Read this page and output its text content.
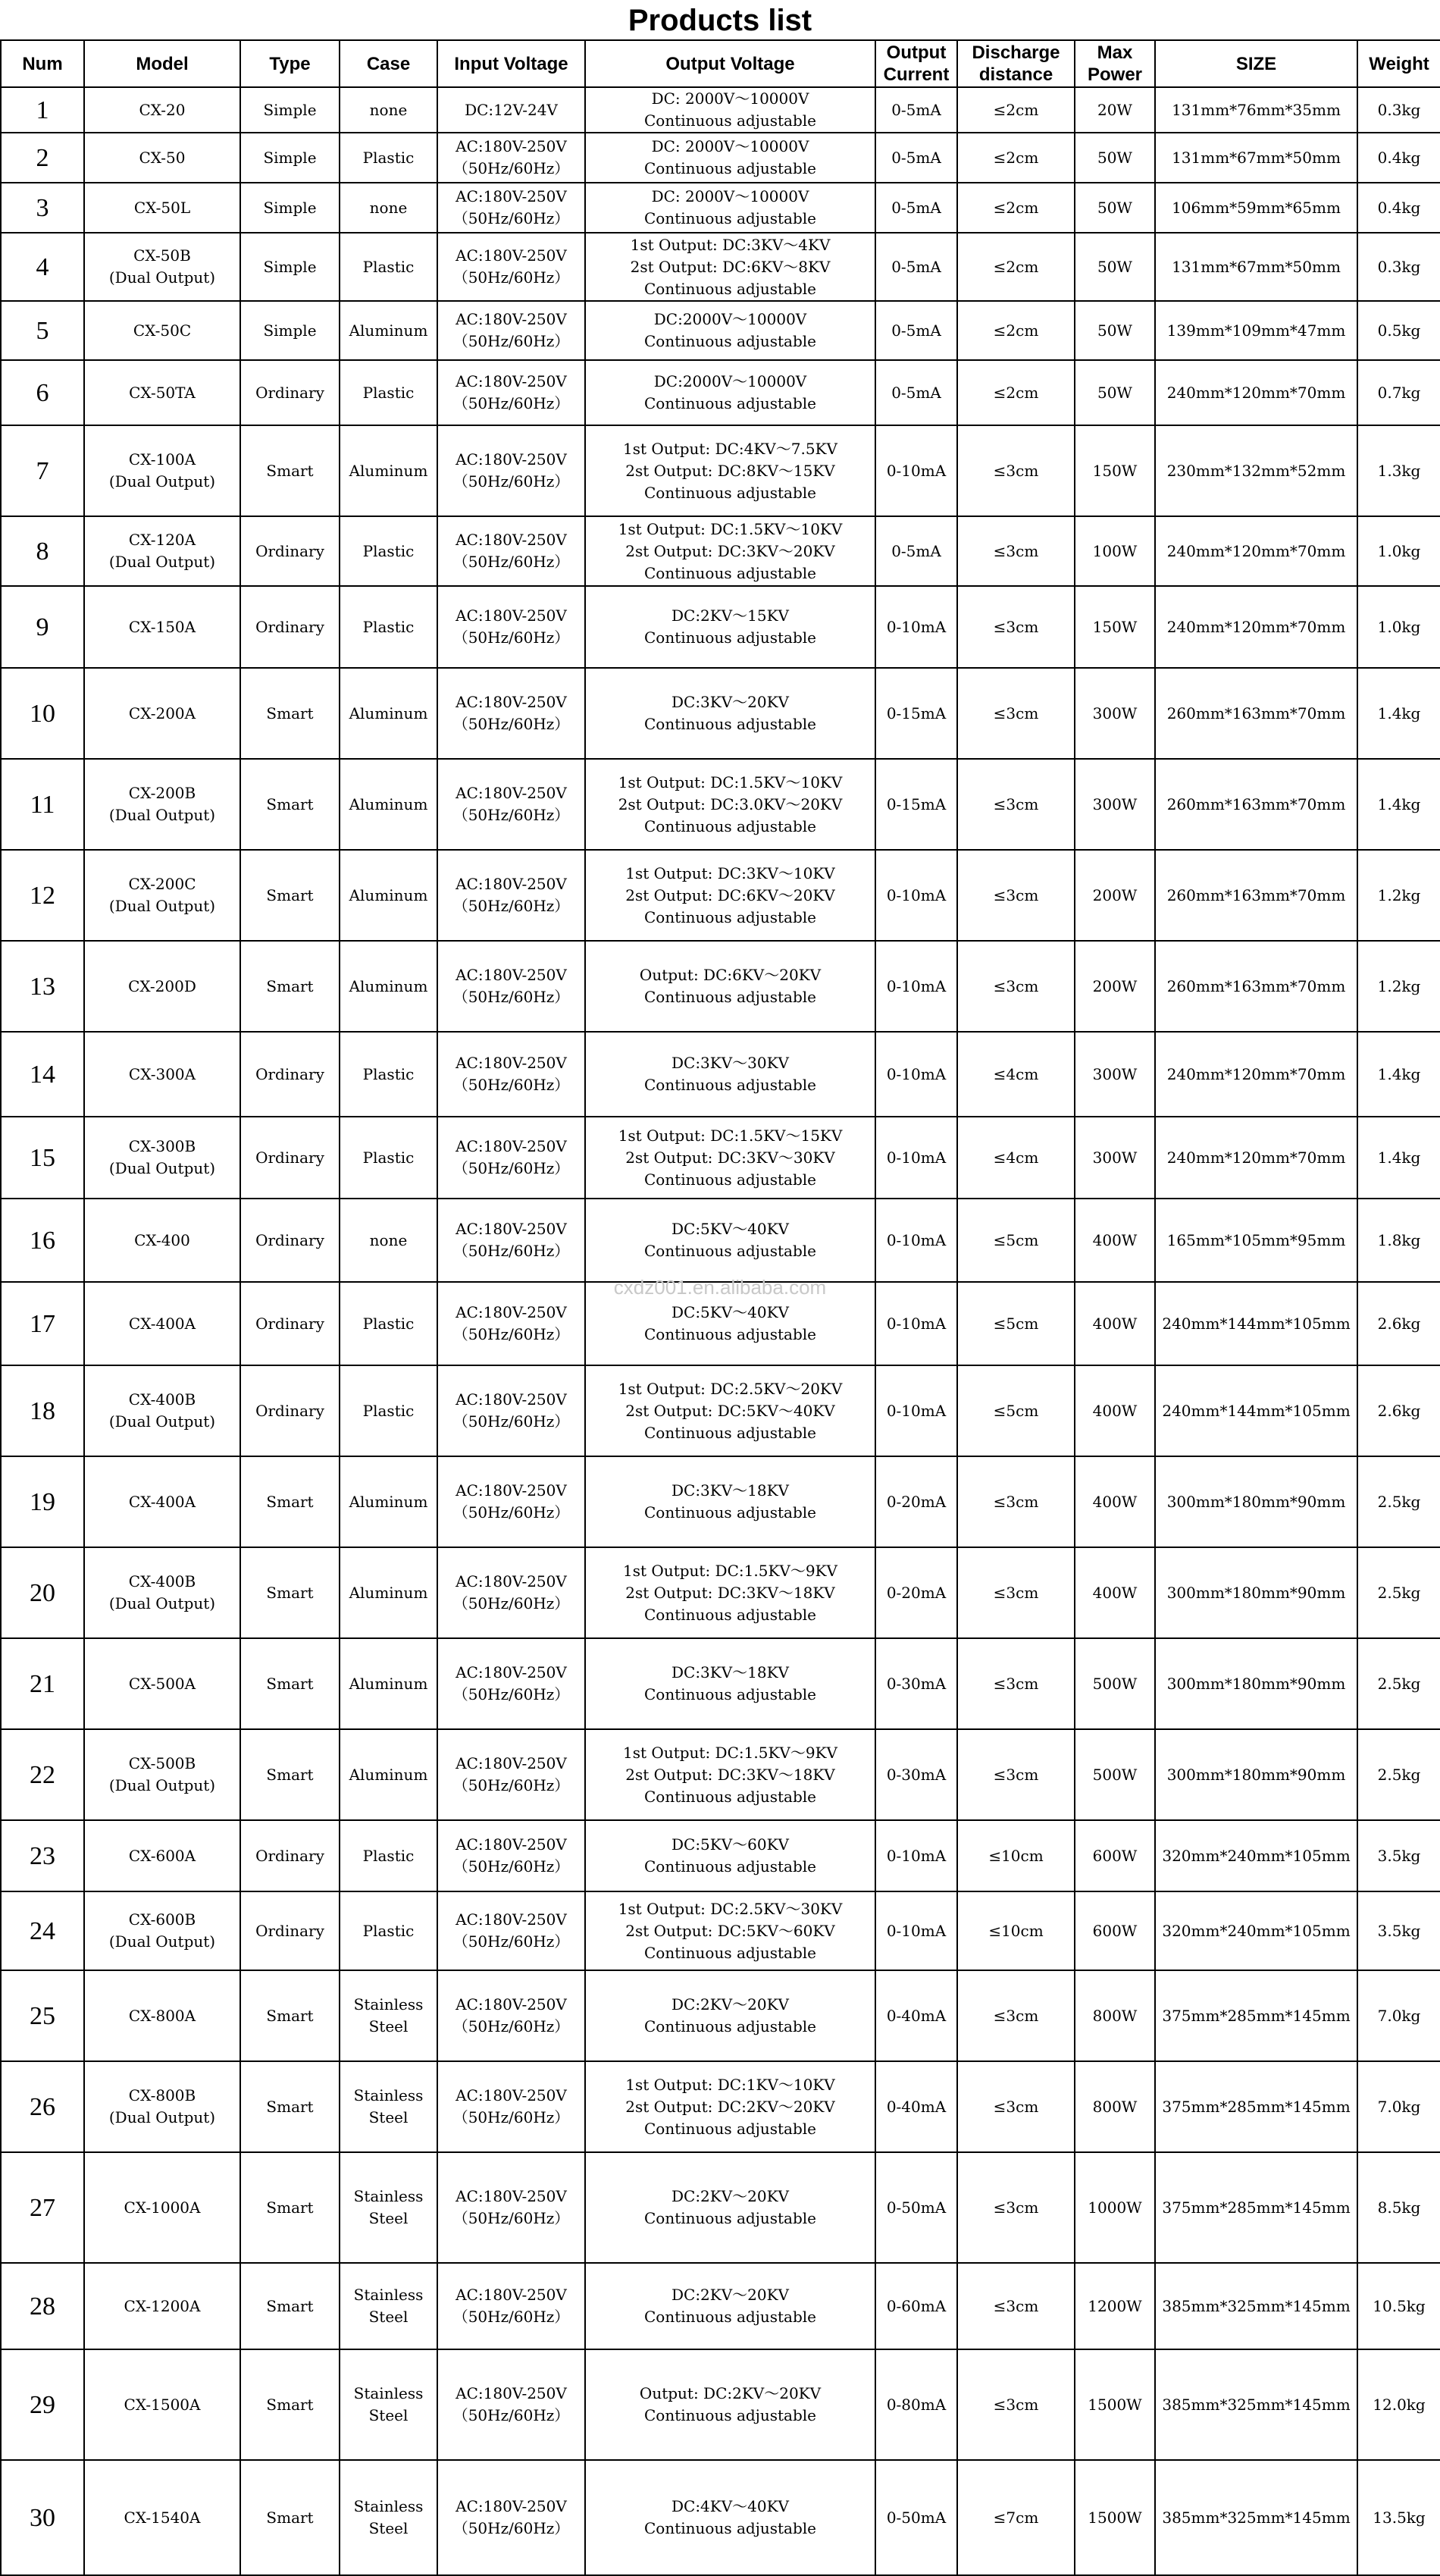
Products list
Num	Model	Type	Case	Input Voltage	Output Voltage	Output
Current	Discharge
distance	Max
Power	SIZE	Weight
1	CX-20	Simple	none	DC:12V-24V	DC: 2000V～10000V
Continuous adjustable	0-5mA	≤2cm	20W	131mm*76mm*35mm	0.3kg
2	CX-50	Simple	Plastic	AC:180V-250V
（50Hz/60Hz）	DC: 2000V～10000V
Continuous adjustable	0-5mA	≤2cm	50W	131mm*67mm*50mm	0.4kg
3	CX-50L	Simple	none	AC:180V-250V
（50Hz/60Hz）	DC: 2000V～10000V
Continuous adjustable	0-5mA	≤2cm	50W	106mm*59mm*65mm	0.4kg
4	CX-50B
(Dual Output)	Simple	Plastic	AC:180V-250V
（50Hz/60Hz）	1st Output: DC:3KV～4KV
2st Output: DC:6KV～8KV
Continuous adjustable	0-5mA	≤2cm	50W	131mm*67mm*50mm	0.3kg
5	CX-50C	Simple	Aluminum	AC:180V-250V
（50Hz/60Hz）	DC:2000V～10000V
Continuous adjustable	0-5mA	≤2cm	50W	139mm*109mm*47mm	0.5kg
6	CX-50TA	Ordinary	Plastic	AC:180V-250V
（50Hz/60Hz）	DC:2000V～10000V
Continuous adjustable	0-5mA	≤2cm	50W	240mm*120mm*70mm	0.7kg
7	CX-100A
(Dual Output)	Smart	Aluminum	AC:180V-250V
（50Hz/60Hz）	1st Output: DC:4KV～7.5KV
2st Output: DC:8KV～15KV
Continuous adjustable	0-10mA	≤3cm	150W	230mm*132mm*52mm	1.3kg
8	CX-120A
(Dual Output)	Ordinary	Plastic	AC:180V-250V
（50Hz/60Hz）	1st Output: DC:1.5KV～10KV
2st Output: DC:3KV～20KV
Continuous adjustable	0-5mA	≤3cm	100W	240mm*120mm*70mm	1.0kg
9	CX-150A	Ordinary	Plastic	AC:180V-250V
（50Hz/60Hz）	DC:2KV～15KV
Continuous adjustable	0-10mA	≤3cm	150W	240mm*120mm*70mm	1.0kg
10	CX-200A	Smart	Aluminum	AC:180V-250V
（50Hz/60Hz）	DC:3KV～20KV
Continuous adjustable	0-15mA	≤3cm	300W	260mm*163mm*70mm	1.4kg
11	CX-200B
(Dual Output)	Smart	Aluminum	AC:180V-250V
（50Hz/60Hz）	1st Output: DC:1.5KV～10KV
2st Output: DC:3.0KV～20KV
Continuous adjustable	0-15mA	≤3cm	300W	260mm*163mm*70mm	1.4kg
12	CX-200C
(Dual Output)	Smart	Aluminum	AC:180V-250V
（50Hz/60Hz）	1st Output: DC:3KV～10KV
2st Output: DC:6KV～20KV
Continuous adjustable	0-10mA	≤3cm	200W	260mm*163mm*70mm	1.2kg
13	CX-200D	Smart	Aluminum	AC:180V-250V
（50Hz/60Hz）	Output: DC:6KV～20KV
Continuous adjustable	0-10mA	≤3cm	200W	260mm*163mm*70mm	1.2kg
14	CX-300A	Ordinary	Plastic	AC:180V-250V
（50Hz/60Hz）	DC:3KV～30KV
Continuous adjustable	0-10mA	≤4cm	300W	240mm*120mm*70mm	1.4kg
15	CX-300B
(Dual Output)	Ordinary	Plastic	AC:180V-250V
（50Hz/60Hz）	1st Output: DC:1.5KV～15KV
2st Output: DC:3KV～30KV
Continuous adjustable	0-10mA	≤4cm	300W	240mm*120mm*70mm	1.4kg
16	CX-400	Ordinary	none	AC:180V-250V
（50Hz/60Hz）	DC:5KV～40KV
Continuous adjustable	0-10mA	≤5cm	400W	165mm*105mm*95mm	1.8kg
17	CX-400A	Ordinary	Plastic	AC:180V-250V
（50Hz/60Hz）	DC:5KV～40KV
Continuous adjustable	0-10mA	≤5cm	400W	240mm*144mm*105mm	2.6kg
18	CX-400B
(Dual Output)	Ordinary	Plastic	AC:180V-250V
（50Hz/60Hz）	1st Output: DC:2.5KV～20KV
2st Output: DC:5KV～40KV
Continuous adjustable	0-10mA	≤5cm	400W	240mm*144mm*105mm	2.6kg
19	CX-400A	Smart	Aluminum	AC:180V-250V
（50Hz/60Hz）	DC:3KV～18KV
Continuous adjustable	0-20mA	≤3cm	400W	300mm*180mm*90mm	2.5kg
20	CX-400B
(Dual Output)	Smart	Aluminum	AC:180V-250V
（50Hz/60Hz）	1st Output: DC:1.5KV～9KV
2st Output: DC:3KV～18KV
Continuous adjustable	0-20mA	≤3cm	400W	300mm*180mm*90mm	2.5kg
21	CX-500A	Smart	Aluminum	AC:180V-250V
（50Hz/60Hz）	DC:3KV～18KV
Continuous adjustable	0-30mA	≤3cm	500W	300mm*180mm*90mm	2.5kg
22	CX-500B
(Dual Output)	Smart	Aluminum	AC:180V-250V
（50Hz/60Hz）	1st Output: DC:1.5KV～9KV
2st Output: DC:3KV～18KV
Continuous adjustable	0-30mA	≤3cm	500W	300mm*180mm*90mm	2.5kg
23	CX-600A	Ordinary	Plastic	AC:180V-250V
（50Hz/60Hz）	DC:5KV～60KV
Continuous adjustable	0-10mA	≤10cm	600W	320mm*240mm*105mm	3.5kg
24	CX-600B
(Dual Output)	Ordinary	Plastic	AC:180V-250V
（50Hz/60Hz）	1st Output: DC:2.5KV～30KV
2st Output: DC:5KV～60KV
Continuous adjustable	0-10mA	≤10cm	600W	320mm*240mm*105mm	3.5kg
25	CX-800A	Smart	Stainless
Steel	AC:180V-250V
（50Hz/60Hz）	DC:2KV～20KV
Continuous adjustable	0-40mA	≤3cm	800W	375mm*285mm*145mm	7.0kg
26	CX-800B
(Dual Output)	Smart	Stainless
Steel	AC:180V-250V
（50Hz/60Hz）	1st Output: DC:1KV～10KV
2st Output: DC:2KV～20KV
Continuous adjustable	0-40mA	≤3cm	800W	375mm*285mm*145mm	7.0kg
27	CX-1000A	Smart	Stainless
Steel	AC:180V-250V
（50Hz/60Hz）	DC:2KV～20KV
Continuous adjustable	0-50mA	≤3cm	1000W	375mm*285mm*145mm	8.5kg
28	CX-1200A	Smart	Stainless
Steel	AC:180V-250V
（50Hz/60Hz）	DC:2KV～20KV
Continuous adjustable	0-60mA	≤3cm	1200W	385mm*325mm*145mm	10.5kg
29	CX-1500A	Smart	Stainless
Steel	AC:180V-250V
（50Hz/60Hz）	Output: DC:2KV～20KV
Continuous adjustable	0-80mA	≤3cm	1500W	385mm*325mm*145mm	12.0kg
30	CX-1540A	Smart	Stainless
Steel	AC:180V-250V
（50Hz/60Hz）	DC:4KV～40KV
Continuous adjustable	0-50mA	≤7cm	1500W	385mm*325mm*145mm	13.5kg
cxdz001.en.alibaba.com
